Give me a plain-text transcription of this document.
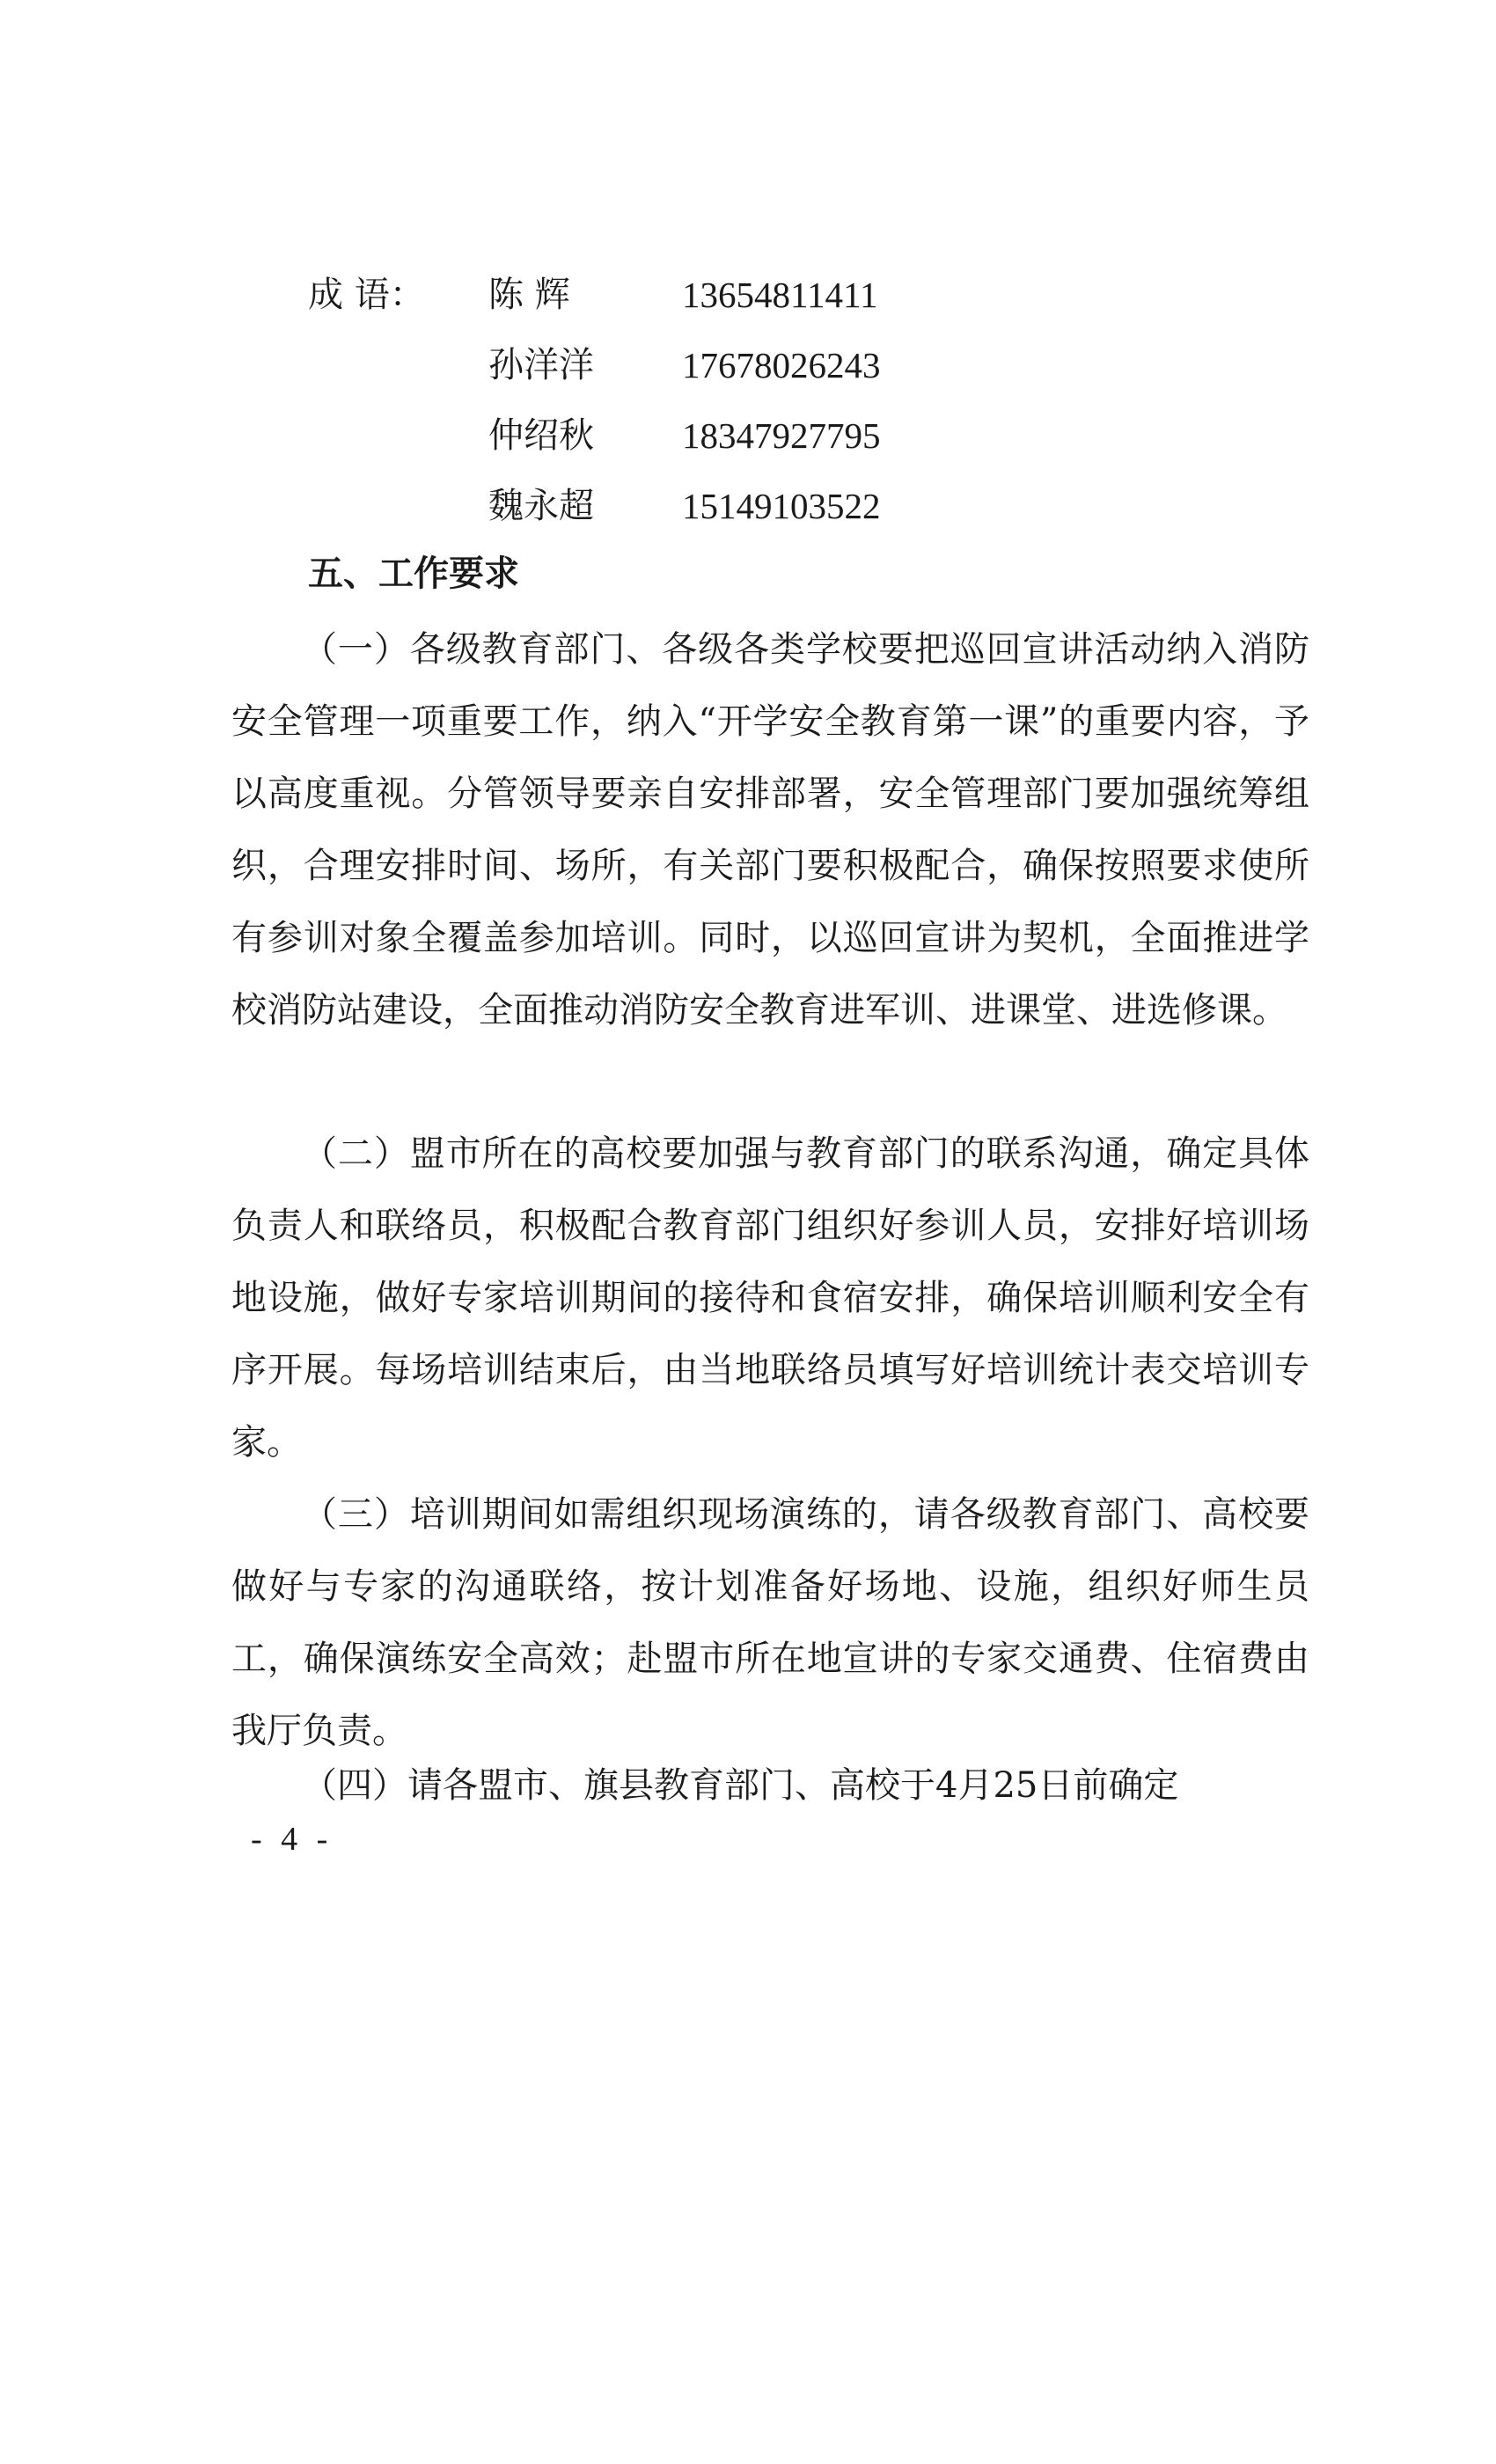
成 语： 陈 辉	13654811411
孙洋洋 17678026243
仲绍秋 18347927795
魏永超 15149103522
五、工作要求

（一）各级教育部门、各级各类学校要把巡回宣讲活动纳入消防安全管理一项重要工作，纳入“开学安全教育第一课”的重要内容，予以高度重视。分管领导要亲自安排部署，安全管理部门要加强统筹组织，合理安排时间、场所，有关部门要积极配合，确保按照要求使所有参训对象全覆盖参加培训。同时，以巡回宣讲为契机，全面推进学校消防站建设，全面推动消防安全教育进军训、进课堂、进选修课。

（二）盟市所在的高校要加强与教育部门的联系沟通，确定具体负责人和联络员，积极配合教育部门组织好参训人员，安排好培训场地设施，做好专家培训期间的接待和食宿安排，确保培训顺利安全有序开展。每场培训结束后，由当地联络员填写好培训统计表交培训专家。

（三）培训期间如需组织现场演练的，请各级教育部门、高校要做好与专家的沟通联络，按计划准备好场地、设施，组织好师生员工，确保演练安全高效；赴盟市所在地宣讲的专家交通费、住宿费由我厅负责。

（四）请各盟市、旗县教育部门、高校于4月25日前确定

- 4 -
